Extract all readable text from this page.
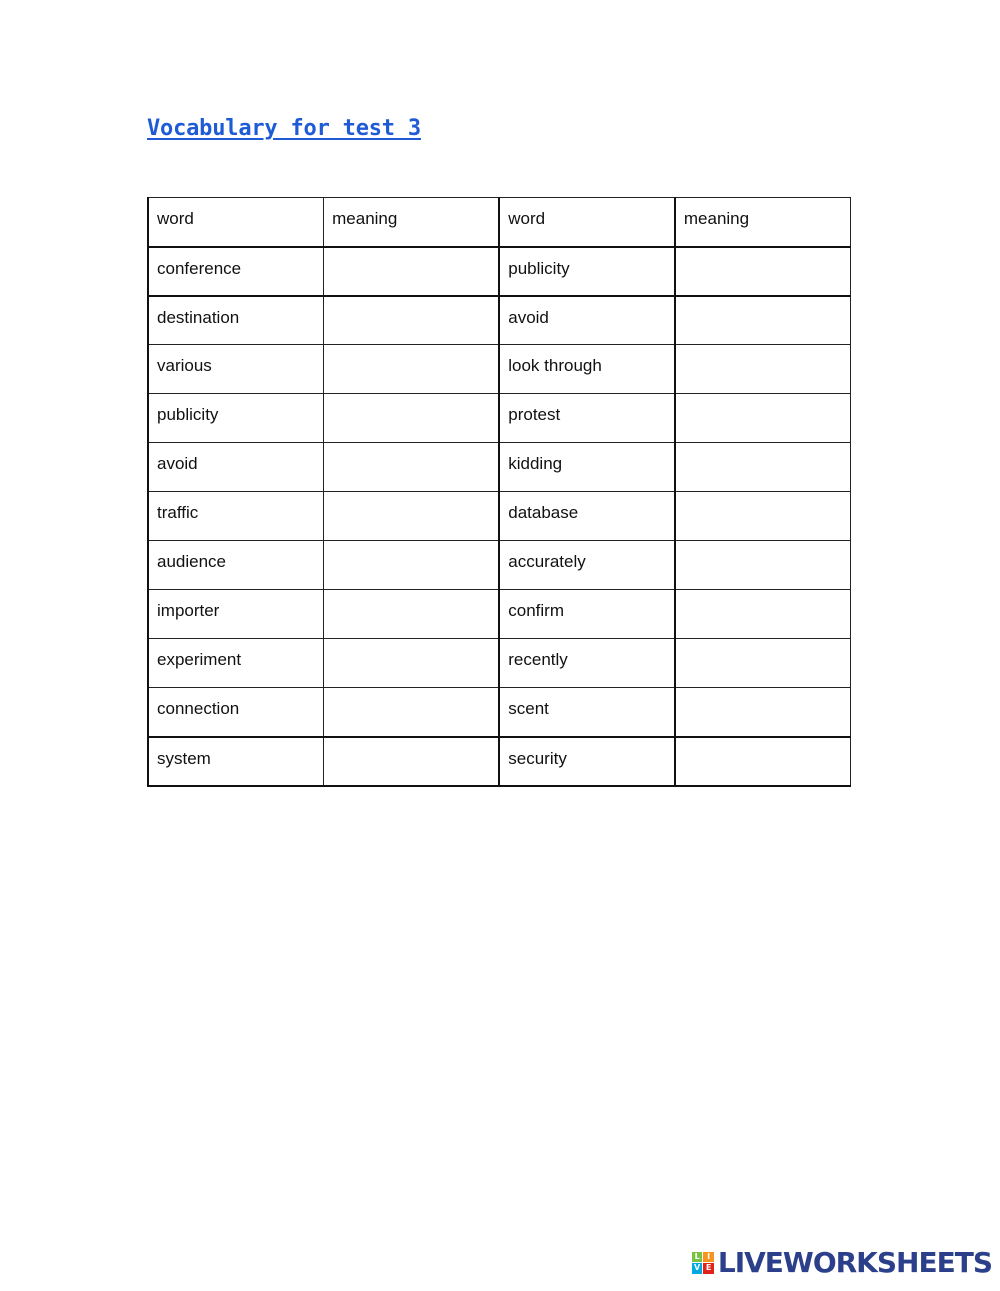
Vocabulary for test 3
word	meaning	word	meaning

conference		publicity	

destination		avoid	

various		look through	

publicity		protest	

avoid		kidding	

traffic		database	

audience		accurately	

importer		confirm	

experiment		recently	

connection		scent	

system		security	

L I
V E LIVEWORKSHEETS
